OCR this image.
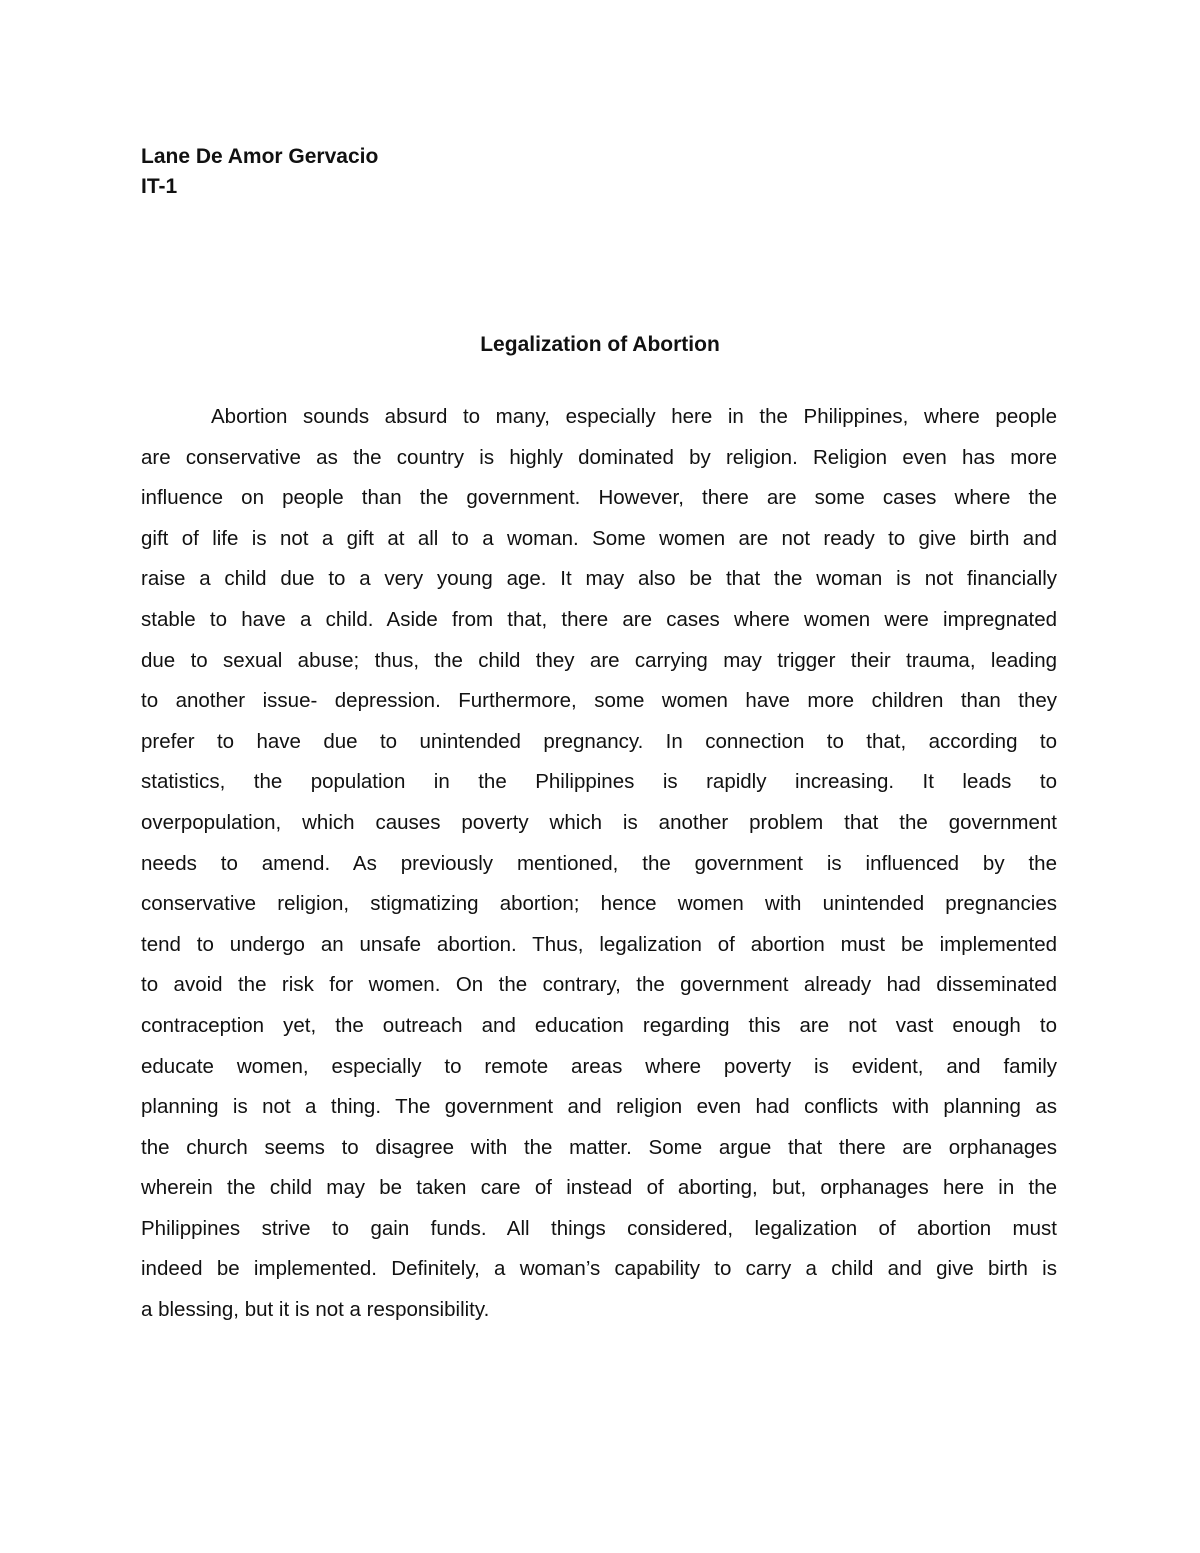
Lane De Amor Gervacio
IT-1
Legalization of Abortion
Abortion sounds absurd to many, especially here in the Philippines, where people
are conservative as the country is highly dominated by religion. Religion even has more
influence on people than the government. However, there are some cases where the
gift of life is not a gift at all to a woman. Some women are not ready to give birth and
raise a child due to a very young age. It may also be that the woman is not financially
stable to have a child. Aside from that, there are cases where women were impregnated
due to sexual abuse; thus, the child they are carrying may trigger their trauma, leading
to another issue- depression. Furthermore, some women have more children than they
prefer to have due to unintended pregnancy. In connection to that, according to
statistics, the population in the Philippines is rapidly increasing. It leads to
overpopulation, which causes poverty which is another problem that the government
needs to amend. As previously mentioned, the government is influenced by the
conservative religion, stigmatizing abortion; hence women with unintended pregnancies
tend to undergo an unsafe abortion. Thus, legalization of abortion must be implemented
to avoid the risk for women. On the contrary, the government already had disseminated
contraception yet, the outreach and education regarding this are not vast enough to
educate women, especially to remote areas where poverty is evident, and family
planning is not a thing. The government and religion even had conflicts with planning as
the church seems to disagree with the matter. Some argue that there are orphanages
wherein the child may be taken care of instead of aborting, but, orphanages here in the
Philippines strive to gain funds. All things considered, legalization of abortion must
indeed be implemented. Definitely, a woman’s capability to carry a child and give birth is
a blessing, but it is not a responsibility.
